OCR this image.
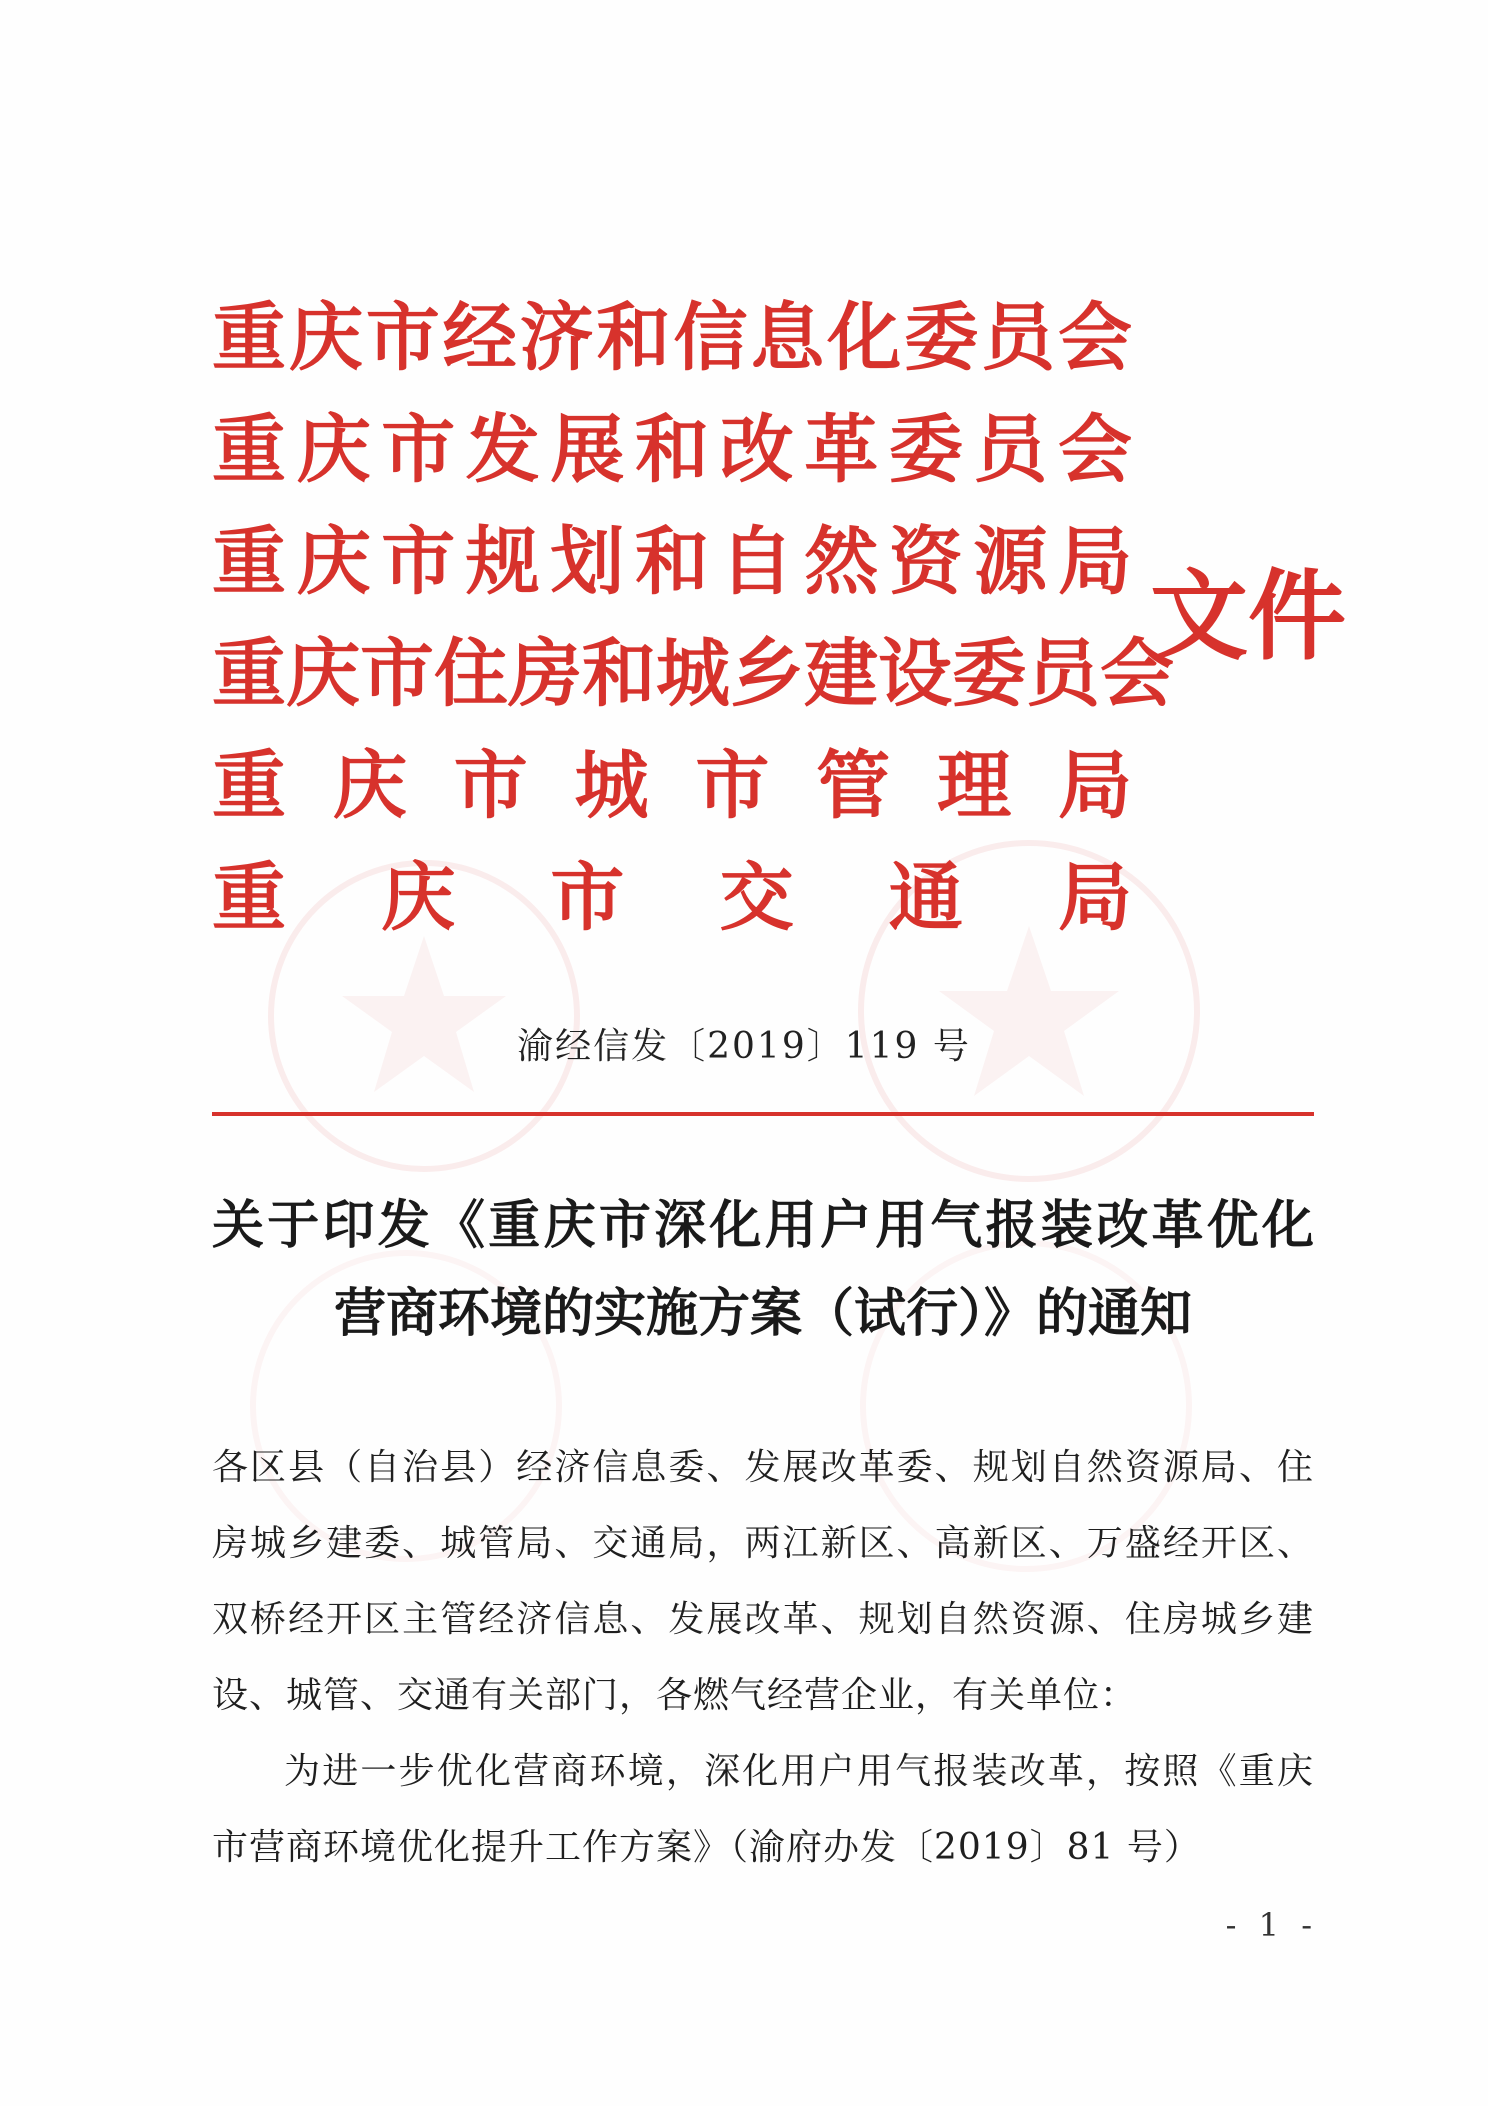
重庆市经济和信息化委员会
重庆市发展和改革委员会
重庆市规划和自然资源局
重庆市住房和城乡建设委员会
重庆市城市管理局
重庆市交通局
文件
渝经信发〔2019〕119 号
关于印发《重庆市深化用户用气报装改革优化
营商环境的实施方案（试行）》的通知
各区县（自治县）经济信息委、发展改革委、规划自然资源局、住房城乡建委、城管局、交通局，两江新区、高新区、万盛经开区、双桥经开区主管经济信息、发展改革、规划自然资源、住房城乡建设、城管、交通有关部门，各燃气经营企业，有关单位：
为进一步优化营商环境，深化用户用气报装改革，按照《重庆市营商环境优化提升工作方案》（渝府办发〔2019〕81 号）
- 1 -
